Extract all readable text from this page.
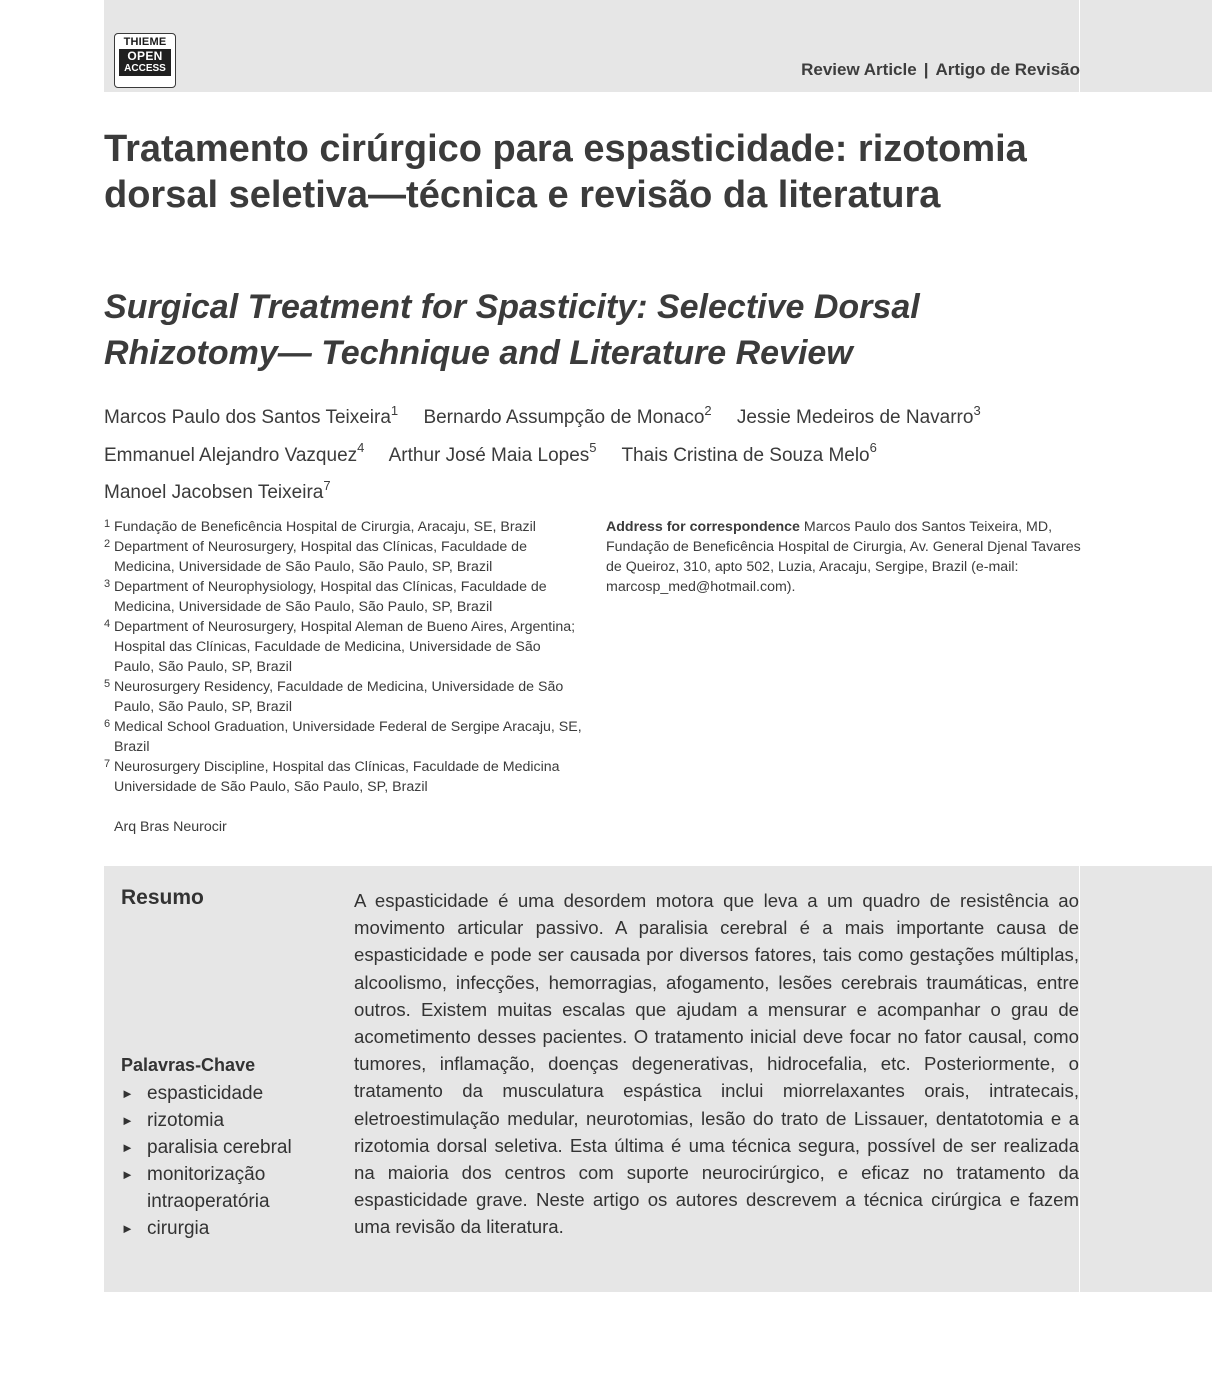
THIEME
OPEN
ACCESS	Review Article | Artigo de Revisão
Tratamento cirúrgico para espasticidade: rizotomia dorsal seletiva—técnica e revisão da literatura
Surgical Treatment for Spasticity: Selective Dorsal Rhizotomy— Technique and Literature Review
Marcos Paulo dos Santos Teixeira$^1$ Bernardo Assumpção de Monaco$^2$ Jessie Medeiros de Navarro$^3$
Emmanuel Alejandro Vazquez$^4$ Arthur José Maia Lopes$^5$ Thais Cristina de Souza Melo$^6$
Manoel Jacobsen Teixeira$^7$
1 Fundação de Beneficência Hospital de Cirurgia, Aracaju, SE, Brazil
2 Department of Neurosurgery, Hospital das Clínicas, Faculdade de Medicina, Universidade de São Paulo, São Paulo, SP, Brazil
3 Department of Neurophysiology, Hospital das Clínicas, Faculdade de Medicina, Universidade de São Paulo, São Paulo, SP, Brazil
4 Department of Neurosurgery, Hospital Aleman de Bueno Aires, Argentina; Hospital das Clínicas, Faculdade de Medicina, Universidade de São Paulo, São Paulo, SP, Brazil
5 Neurosurgery Residency, Faculdade de Medicina, Universidade de São Paulo, São Paulo, SP, Brazil
6 Medical School Graduation, Universidade Federal de Sergipe Aracaju, SE, Brazil
7 Neurosurgery Discipline, Hospital das Clínicas, Faculdade de Medicina Universidade de São Paulo, São Paulo, SP, Brazil
Arq Bras Neurocir
Address for correspondence Marcos Paulo dos Santos Teixeira, MD, Fundação de Beneficência Hospital de Cirurgia, Av. General Djenal Tavares de Queiroz, 310, apto 502, Luzia, Aracaju, Sergipe, Brazil (e-mail: marcosp_med@hotmail.com).
Resumo
Palavras-Chave
► espasticidade
► rizotomia
► paralisia cerebral
► monitorização intraoperatória
► cirurgia

A espasticidade é uma desordem motora que leva a um quadro de resistência ao movimento articular passivo. A paralisia cerebral é a mais importante causa de espasticidade e pode ser causada por diversos fatores, tais como gestações múltiplas, alcoolismo, infecções, hemorragias, afogamento, lesões cerebrais traumáticas, entre outros. Existem muitas escalas que ajudam a mensurar e acompanhar o grau de acometimento desses pacientes. O tratamento inicial deve focar no fator causal, como tumores, inflamação, doenças degenerativas, hidrocefalia, etc. Posteriormente, o tratamento da musculatura espástica inclui miorrelaxantes orais, intratecais, eletroestimulação medular, neurotomias, lesão do trato de Lissauer, dentatotomia e a rizotomia dorsal seletiva. Esta última é uma técnica segura, possível de ser realizada na maioria dos centros com suporte neurocirúrgico, e eficaz no tratamento da espasticidade grave. Neste artigo os autores descrevem a técnica cirúrgica e fazem uma revisão da literatura.
